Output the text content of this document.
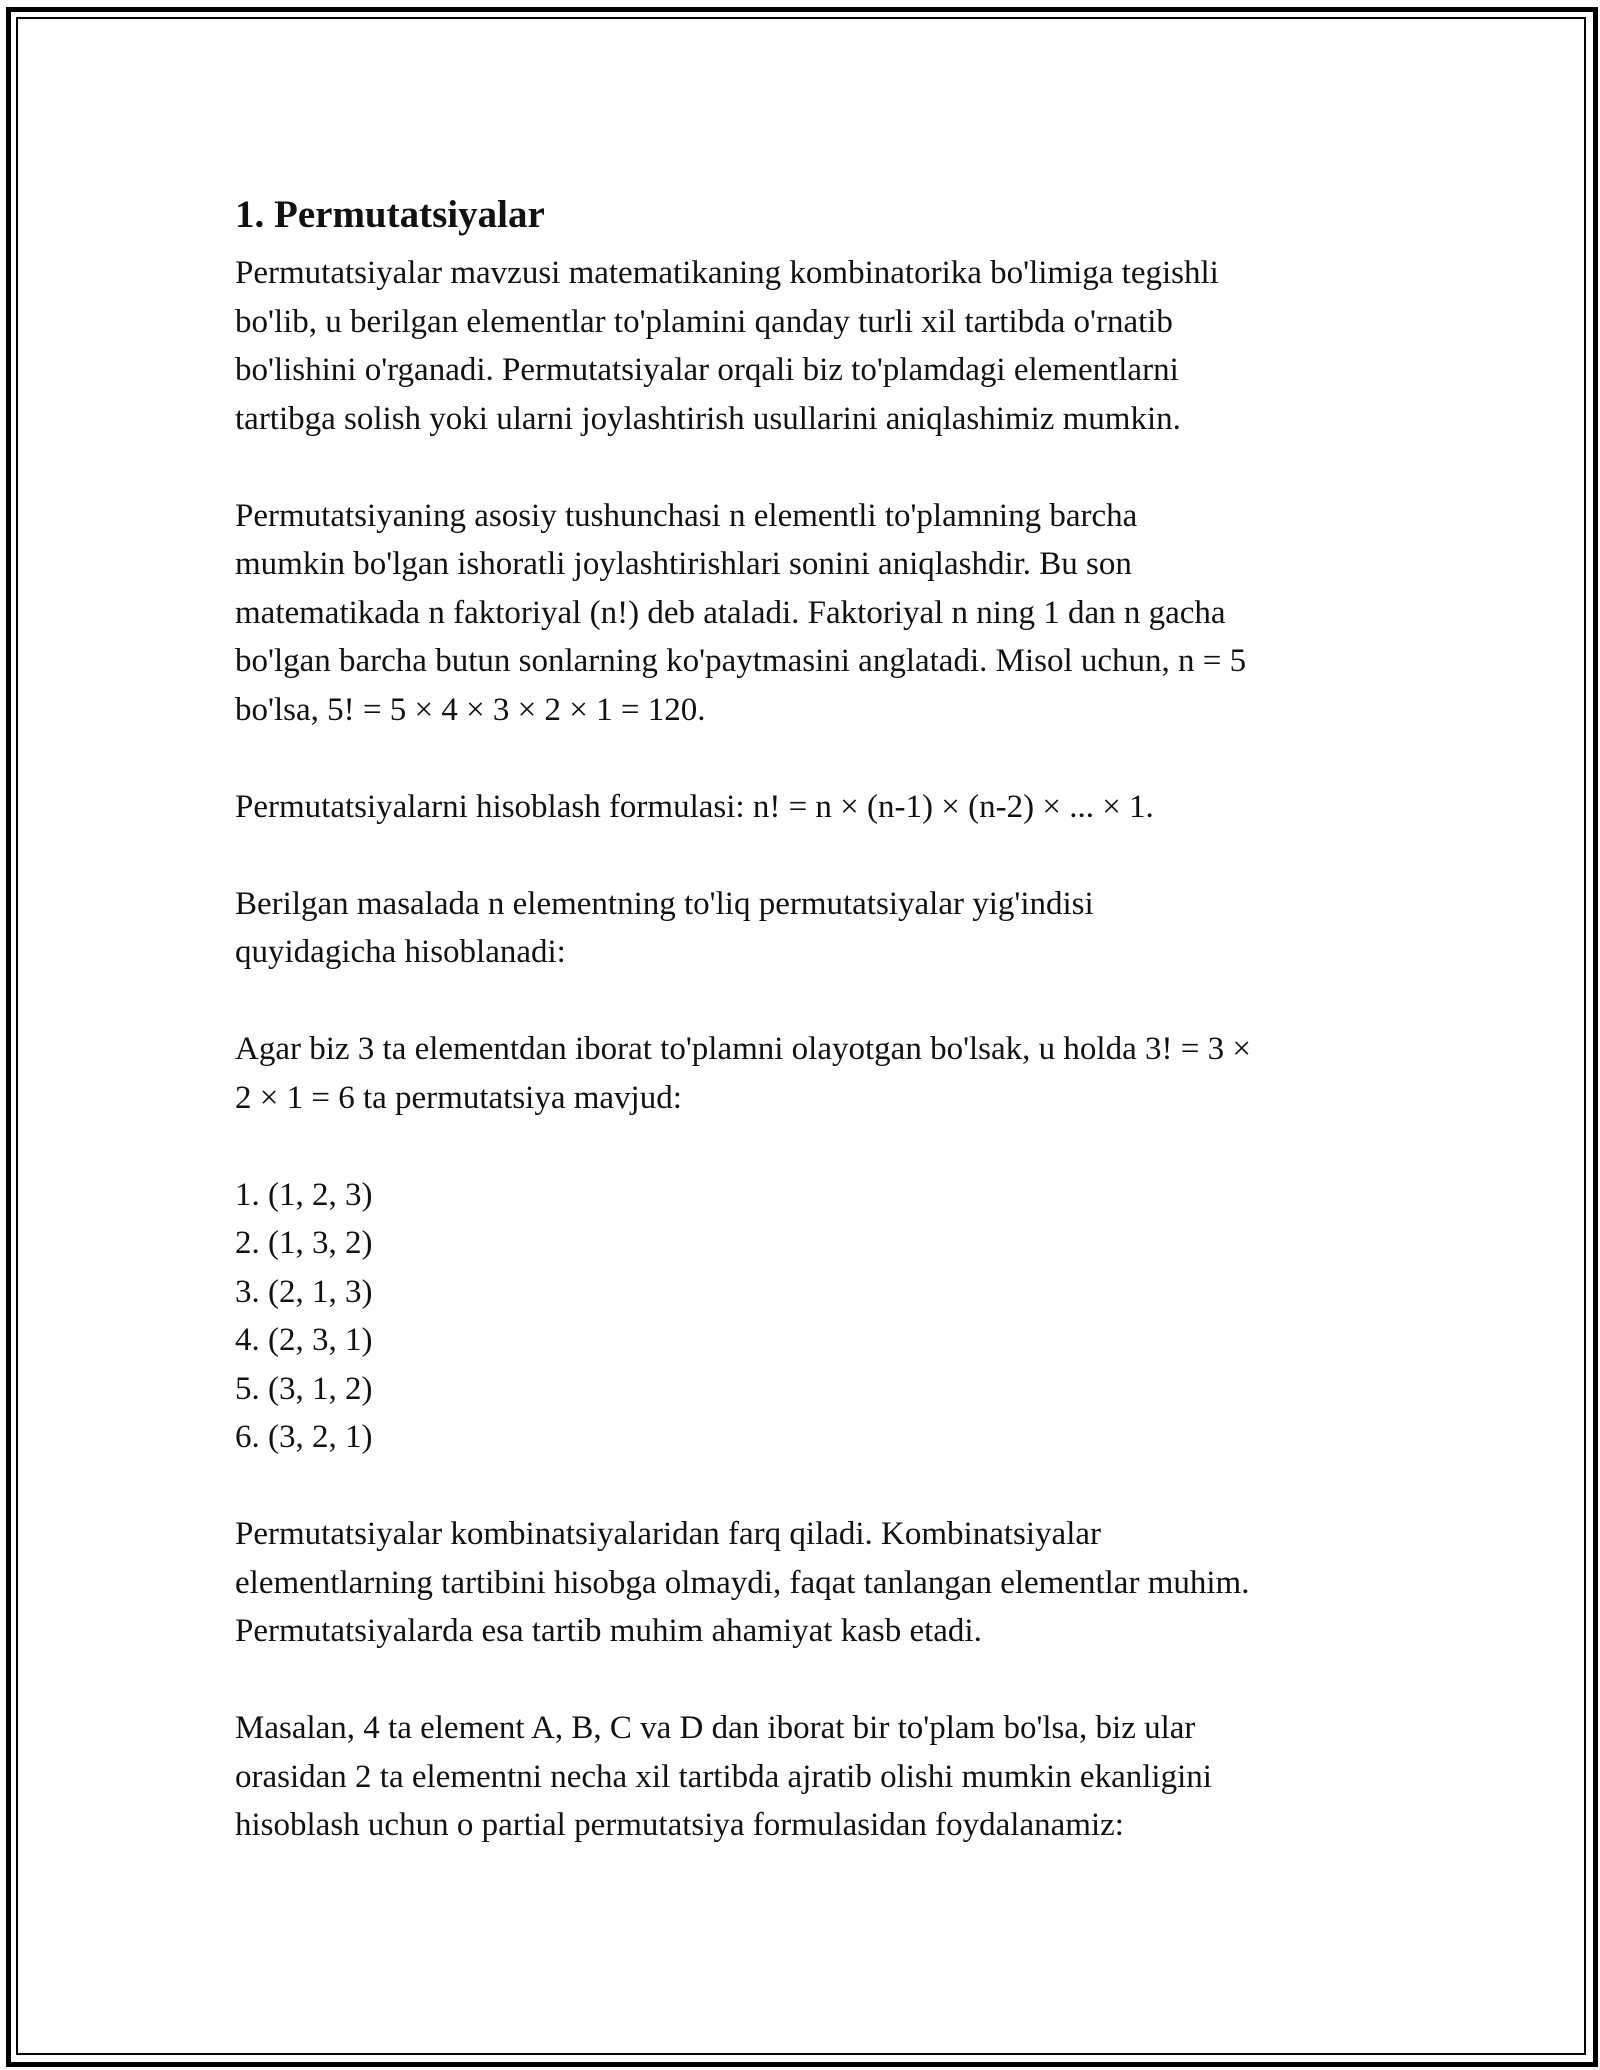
1. Permutatsiyalar

Permutatsiyalar mavzusi matematikaning kombinatorika bo'limiga tegishli
bo'lib, u berilgan elementlar to'plamini qanday turli xil tartibda o'rnatib
bo'lishini o'rganadi. Permutatsiyalar orqali biz to'plamdagi elementlarni
tartibga solish yoki ularni joylashtirish usullarini aniqlashimiz mumkin.

Permutatsiyaning asosiy tushunchasi n elementli to'plamning barcha
mumkin bo'lgan ishoratli joylashtirishlari sonini aniqlashdir. Bu son
matematikada n faktoriyal (n!) deb ataladi. Faktoriyal n ning 1 dan n gacha
bo'lgan barcha butun sonlarning ko'paytmasini anglatadi. Misol uchun, n = 5
bo'lsa, 5! = 5 × 4 × 3 × 2 × 1 = 120.

Permutatsiyalarni hisoblash formulasi: n! = n × (n-1) × (n-2) × ... × 1.

Berilgan masalada n elementning to'liq permutatsiyalar yig'indisi
quyidagicha hisoblanadi:

Agar biz 3 ta elementdan iborat to'plamni olayotgan bo'lsak, u holda 3! = 3 ×
2 × 1 = 6 ta permutatsiya mavjud:

1. (1, 2, 3)
2. (1, 3, 2)
3. (2, 1, 3)
4. (2, 3, 1)
5. (3, 1, 2)
6. (3, 2, 1)

Permutatsiyalar kombinatsiyalaridan farq qiladi. Kombinatsiyalar
elementlarning tartibini hisobga olmaydi, faqat tanlangan elementlar muhim.
Permutatsiyalarda esa tartib muhim ahamiyat kasb etadi.

Masalan, 4 ta element A, B, C va D dan iborat bir to'plam bo'lsa, biz ular
orasidan 2 ta elementni necha xil tartibda ajratib olishi mumkin ekanligini
hisoblash uchun o partial permutatsiya formulasidan foydalanamiz:
